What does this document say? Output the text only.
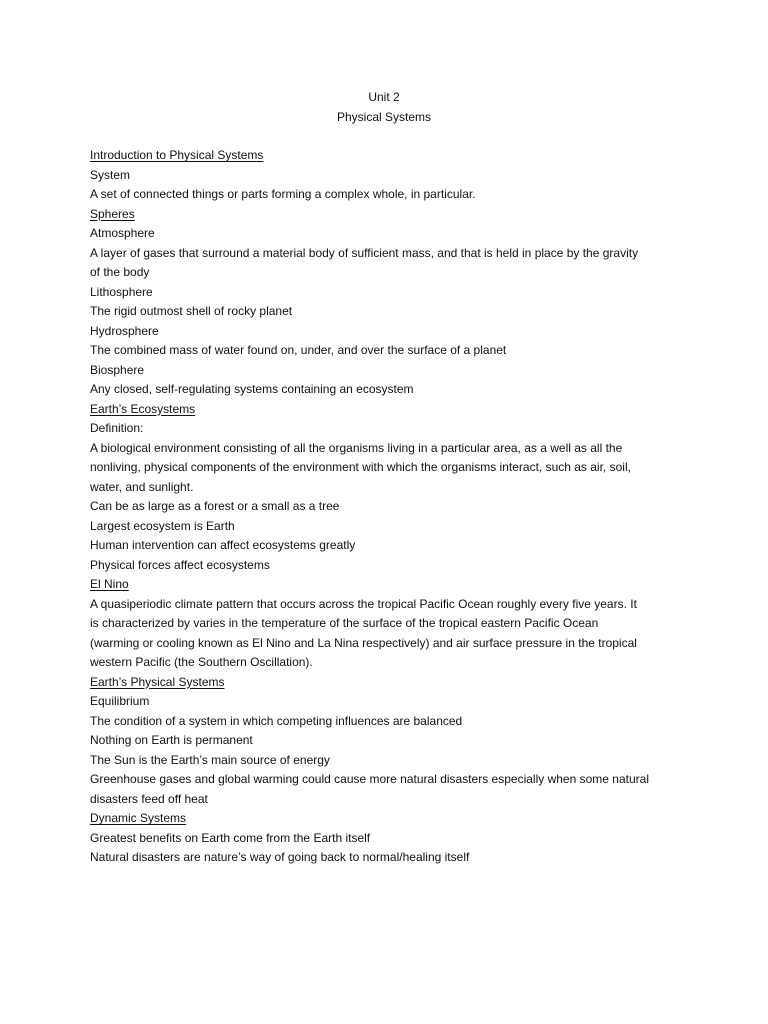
Unit 2
Physical Systems
Introduction to Physical Systems
System
A set of connected things or parts forming a complex whole, in particular.
Spheres
Atmosphere
A layer of gases that surround a material body of sufficient mass, and that is held in place by the gravity
of the body
Lithosphere
The rigid outmost shell of rocky planet
Hydrosphere
The combined mass of water found on, under, and over the surface of a planet
Biosphere
Any closed, self-regulating systems containing an ecosystem
Earth’s Ecosystems
Definition:
A biological environment consisting of all the organisms living in a particular area, as a well as all the
nonliving, physical components of the environment with which the organisms interact, such as air, soil,
water, and sunlight.
Can be as large as a forest or a small as a tree
Largest ecosystem is Earth
Human intervention can affect ecosystems greatly
Physical forces affect ecosystems
El Nino
A quasiperiodic climate pattern that occurs across the tropical Pacific Ocean roughly every five years. It
is characterized by varies in the temperature of the surface of the tropical eastern Pacific Ocean
(warming or cooling known as El Nino and La Nina respectively) and air surface pressure in the tropical
western Pacific (the Southern Oscillation).
Earth’s Physical Systems
Equilibrium
The condition of a system in which competing influences are balanced
Nothing on Earth is permanent
The Sun is the Earth’s main source of energy
Greenhouse gases and global warming could cause more natural disasters especially when some natural
disasters feed off heat
Dynamic Systems
Greatest benefits on Earth come from the Earth itself
Natural disasters are nature’s way of going back to normal/healing itself
